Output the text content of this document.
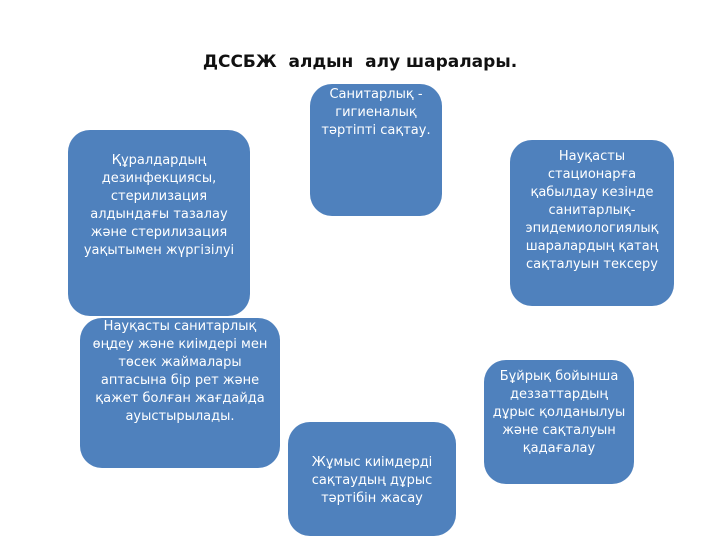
ДССБЖ  алдын  алу шаралары.
Санитарлық - гигиеналық тәртіпті сақтау.
Құралдардың дезинфекциясы, стерилизация алдындағы тазалау және стерилизация уақытымен жүргізілуі
Науқасты стационарға қабылдау кезінде санитарлық-эпидемиологиялық шаралардың қатаң сақталуын тексеру
Науқасты санитарлық өңдеу және киімдері мен төсек жаймалары аптасына бір рет және қажет болған жағдайда ауыстырылады.
Жұмыс киімдерді сақтаудың дұрыс тәртібін жасау
Бұйрық бойынша деззаттардың дұрыс қолданылуы және сақталуын қадағалау
